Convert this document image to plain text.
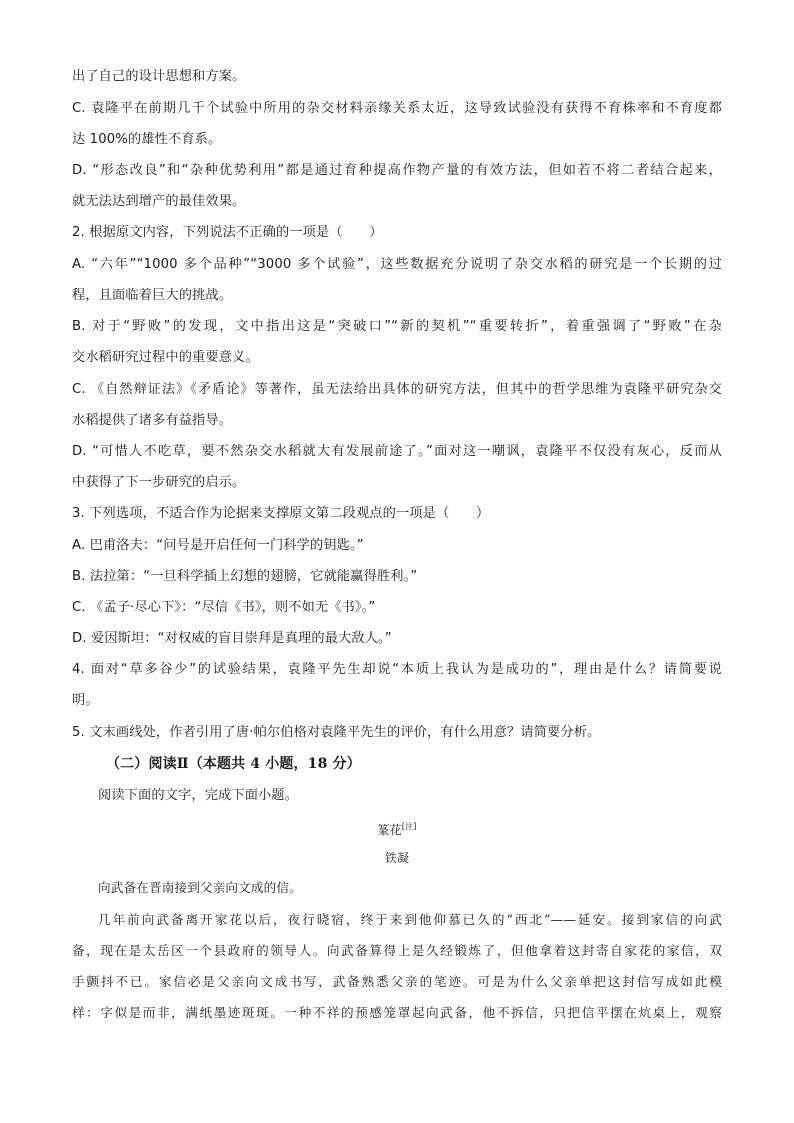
出了自己的设计思想和方案。
C. 袁隆平在前期几千个试验中所用的杂交材料亲缘关系太近，这导致试验没有获得不育株率和不育度都
达 100%的雄性不育系。
D. “形态改良”和“杂种优势利用”都是通过育种提高作物产量的有效方法，但如若不将二者结合起来，
就无法达到增产的最佳效果。
2. 根据原文内容，下列说法不正确的一项是（　　）
A. “六年”“1000 多个品种”“3000 多个试验”，这些数据充分说明了杂交水稻的研究是一个长期的过
程，且面临着巨大的挑战。
B. 对于“野败”的发现，文中指出这是“突破口”“新的契机”“重要转折”，着重强调了“野败”在杂
交水稻研究过程中的重要意义。
C. 《自然辩证法》《矛盾论》等著作，虽无法给出具体的研究方法，但其中的哲学思维为袁隆平研究杂交
水稻提供了诸多有益指导。
D. “可惜人不吃草，要不然杂交水稻就大有发展前途了。”面对这一嘲讽，袁隆平不仅没有灰心，反而从
中获得了下一步研究的启示。
3. 下列选项，不适合作为论据来支撑原文第二段观点的一项是（　　）
A. 巴甫洛夫：“问号是开启任何一门科学的钥匙。”
B. 法拉第：“一旦科学插上幻想的翅膀，它就能赢得胜利。”
C. 《孟子·尽心下》：“尽信《书》，则不如无《书》。”
D. 爱因斯坦：“对权威的盲目崇拜是真理的最大敌人。”
4. 面对“草多谷少”的试验结果，袁隆平先生却说“本质上我认为是成功的”，理由是什么？请简要说
明。
5. 文末画线处，作者引用了唐·帕尔伯格对袁隆平先生的评价，有什么用意？请简要分析。
（二）阅读Ⅱ（本题共 4 小题，18 分）
阅读下面的文字，完成下面小题。
篆花[注]
铁凝
向武备在晋南接到父亲向文成的信。
几年前向武备离开家花以后，夜行晓宿，终于来到他仰慕已久的“西北”——延安。接到家信的向武
备，现在是太岳区一个县政府的领导人。向武备算得上是久经锻炼了，但他拿着这封寄自家花的家信，双
手颤抖不已。家信必是父亲向文成书写，武备熟悉父亲的笔迹。可是为什么父亲单把这封信写成如此模
样：字似是而非，满纸墨迹斑斑。一种不祥的预感笼罩起向武备，他不拆信，只把信平摆在炕桌上，观察
